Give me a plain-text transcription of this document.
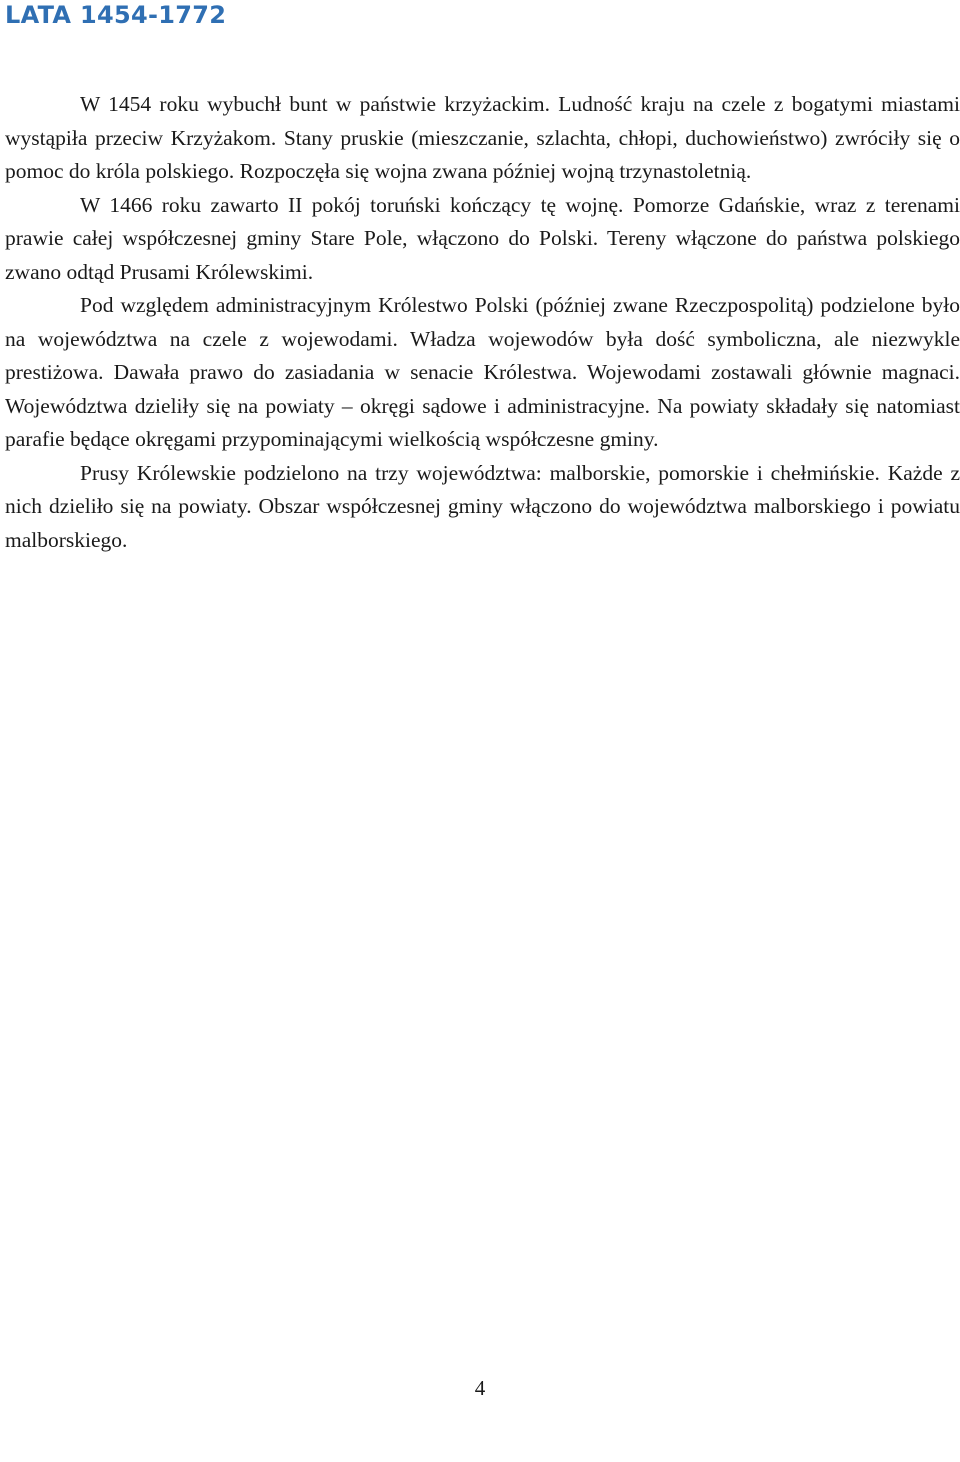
LATA 1454-1772

W 1454 roku wybuchł bunt w państwie krzyżackim. Ludność kraju na czele z bogatymi miastami wystąpiła przeciw Krzyżakom. Stany pruskie (mieszczanie, szlachta, chłopi, duchowieństwo) zwróciły się o pomoc do króla polskiego. Rozpoczęła się wojna zwana później wojną trzynastoletnią.

W 1466 roku zawarto II pokój toruński kończący tę wojnę. Pomorze Gdańskie, wraz z terenami prawie całej współczesnej gminy Stare Pole, włączono do Polski. Tereny włączone do państwa polskiego zwano odtąd Prusami Królewskimi.

Pod względem administracyjnym Królestwo Polski (później zwane Rzeczpospolitą) podzielone było na województwa na czele z wojewodami. Władza wojewodów była dość symboliczna, ale niezwykle prestiżowa. Dawała prawo do zasiadania w senacie Królestwa. Wojewodami zostawali głównie magnaci. Województwa dzieliły się na powiaty – okręgi sądowe i administracyjne. Na powiaty składały się natomiast parafie będące okręgami przypominającymi wielkością współczesne gminy.

Prusy Królewskie podzielono na trzy województwa: malborskie, pomorskie i chełmińskie. Każde z nich dzieliło się na powiaty. Obszar współczesnej gminy włączono do województwa malborskiego i powiatu malborskiego.

4
